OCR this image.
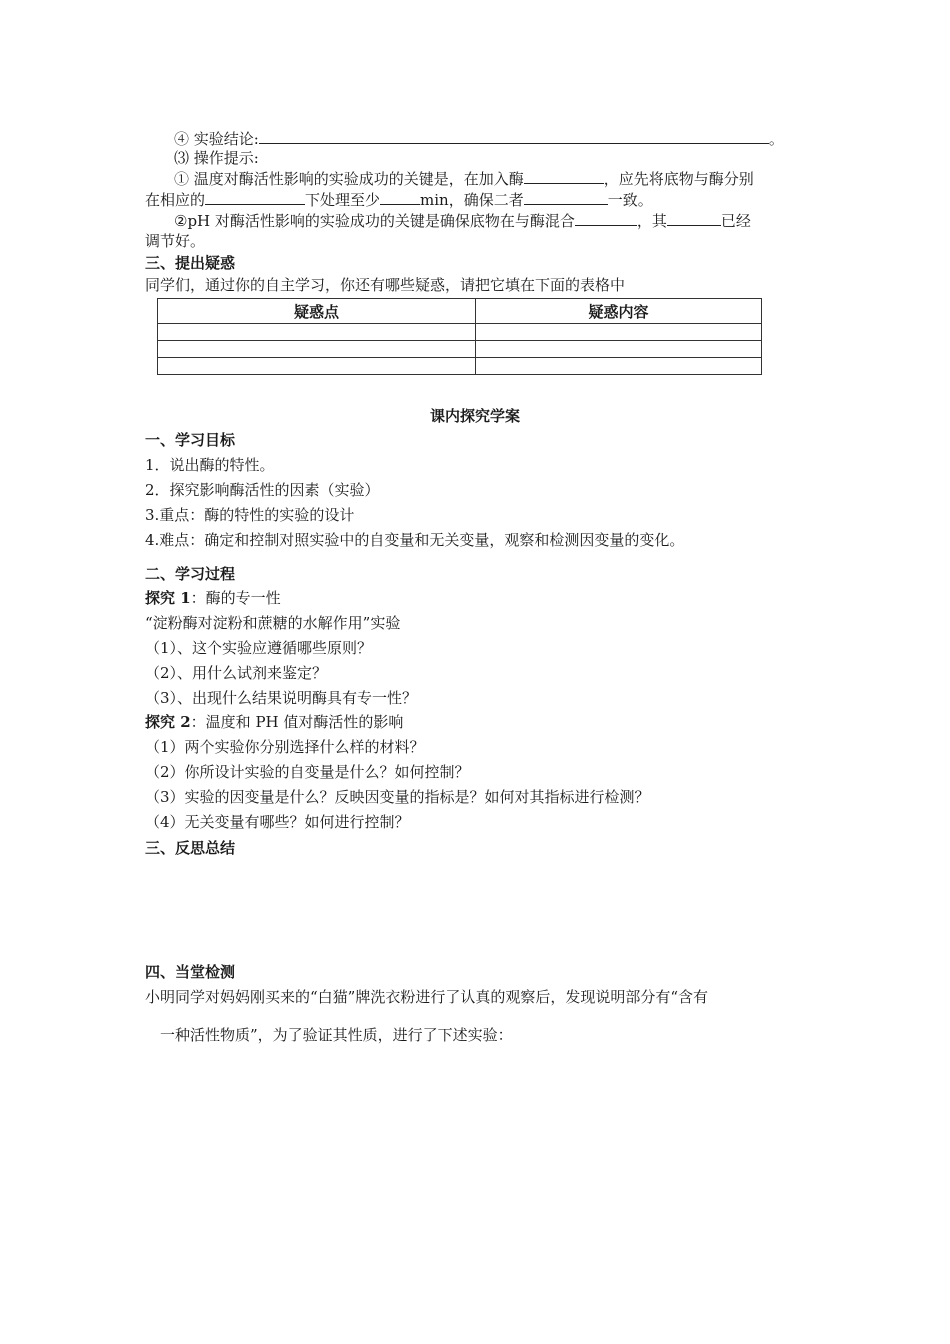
④ 实验结论:	。
⑶ 操作提示:
① 温度对酶活性影响的实验成功的关键是，在加入酶	，应先将底物与酶分别
在相应的	下处理至少	min，确保二者	一致。
②pH 对酶活性影响的实验成功的关键是确保底物在与酶混合	，其	已经
调节好。
三、提出疑惑
同学们，通过你的自主学习，你还有哪些疑惑，请把它填在下面的表格中
疑惑点	疑惑内容

课内探究学案
一、学习目标
1．说出酶的特性。
2．探究影响酶活性的因素（实验）
3.重点：酶的特性的实验的设计
4.难点：确定和控制对照实验中的自变量和无关变量，观察和检测因变量的变化。
二、学习过程
探究 1：酶的专一性
“淀粉酶对淀粉和蔗糖的水解作用”实验
（1）、这个实验应遵循哪些原则？
（2）、用什么试剂来鉴定？
（3）、出现什么结果说明酶具有专一性？
探究 2：温度和 PH 值对酶活性的影响
（1）两个实验你分别选择什么样的材料？
（2）你所设计实验的自变量是什么？如何控制？
（3）实验的因变量是什么？反映因变量的指标是？如何对其指标进行检测？
（4）无关变量有哪些？如何进行控制？
三、反思总结
四、当堂检测
小明同学对妈妈刚买来的“白猫”牌洗衣粉进行了认真的观察后，发现说明部分有“含有
一种活性物质”，为了验证其性质，进行了下述实验：
